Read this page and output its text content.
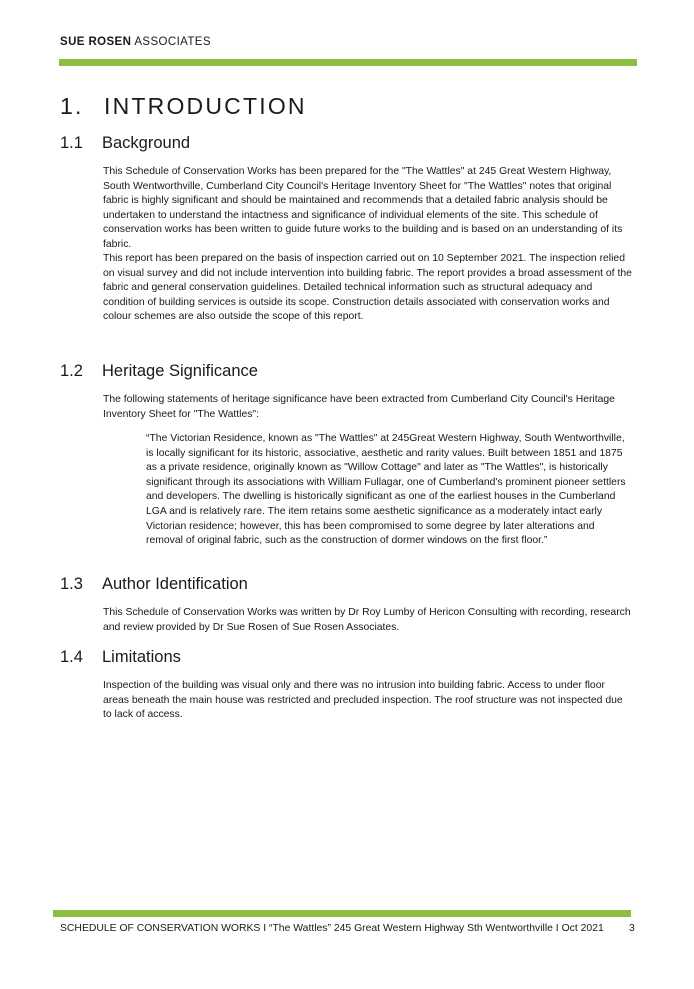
SUE ROSEN ASSOCIATES
1. INTRODUCTION
1.1 Background

This Schedule of Conservation Works has been prepared for the "The Wattles" at 245 Great Western Highway, South Wentworthville, Cumberland City Council's Heritage Inventory Sheet for "The Wattles" notes that original fabric is highly significant and should be maintained and recommends that a detailed fabric analysis should be undertaken to understand the intactness and significance of individual elements of the site. This schedule of conservation works has been written to guide future works to the building and is based on an understanding of its fabric.

This report has been prepared on the basis of inspection carried out on 10 September 2021. The inspection relied on visual survey and did not include intervention into building fabric. The report provides a broad assessment of the fabric and general conservation guidelines. Detailed technical information such as structural adequacy and condition of building services is outside its scope. Construction details associated with conservation works and colour schemes are also outside the scope of this report.

1.2 Heritage Significance

The following statements of heritage significance have been extracted from Cumberland City Council's Heritage Inventory Sheet for "The Wattles":

“The Victorian Residence, known as "The Wattles" at 245Great Western Highway, South Wentworthville, is locally significant for its historic, associative, aesthetic and rarity values. Built between 1851 and 1875 as a private residence, originally known as "Willow Cottage" and later as "The Wattles", is historically significant through its associations with William Fullagar, one of Cumberland's prominent pioneer settlers and developers. The dwelling is historically significant as one of the earliest houses in the Cumberland LGA and is relatively rare. The item retains some aesthetic significance as a moderately intact early Victorian residence; however, this has been compromised to some degree by later alterations and removal of original fabric, such as the construction of dormer windows on the first floor.”

1.3 Author Identification

This Schedule of Conservation Works was written by Dr Roy Lumby of Hericon Consulting with recording, research and review provided by Dr Sue Rosen of Sue Rosen Associates.

1.4 Limitations

Inspection of the building was visual only and there was no intrusion into building fabric. Access to under floor areas beneath the main house was restricted and precluded inspection. The roof structure was not inspected due to lack of access.

SCHEDULE OF CONSERVATION WORKS I “The Wattles” 245 Great Western Highway Sth Wentworthville I Oct 2021 3
